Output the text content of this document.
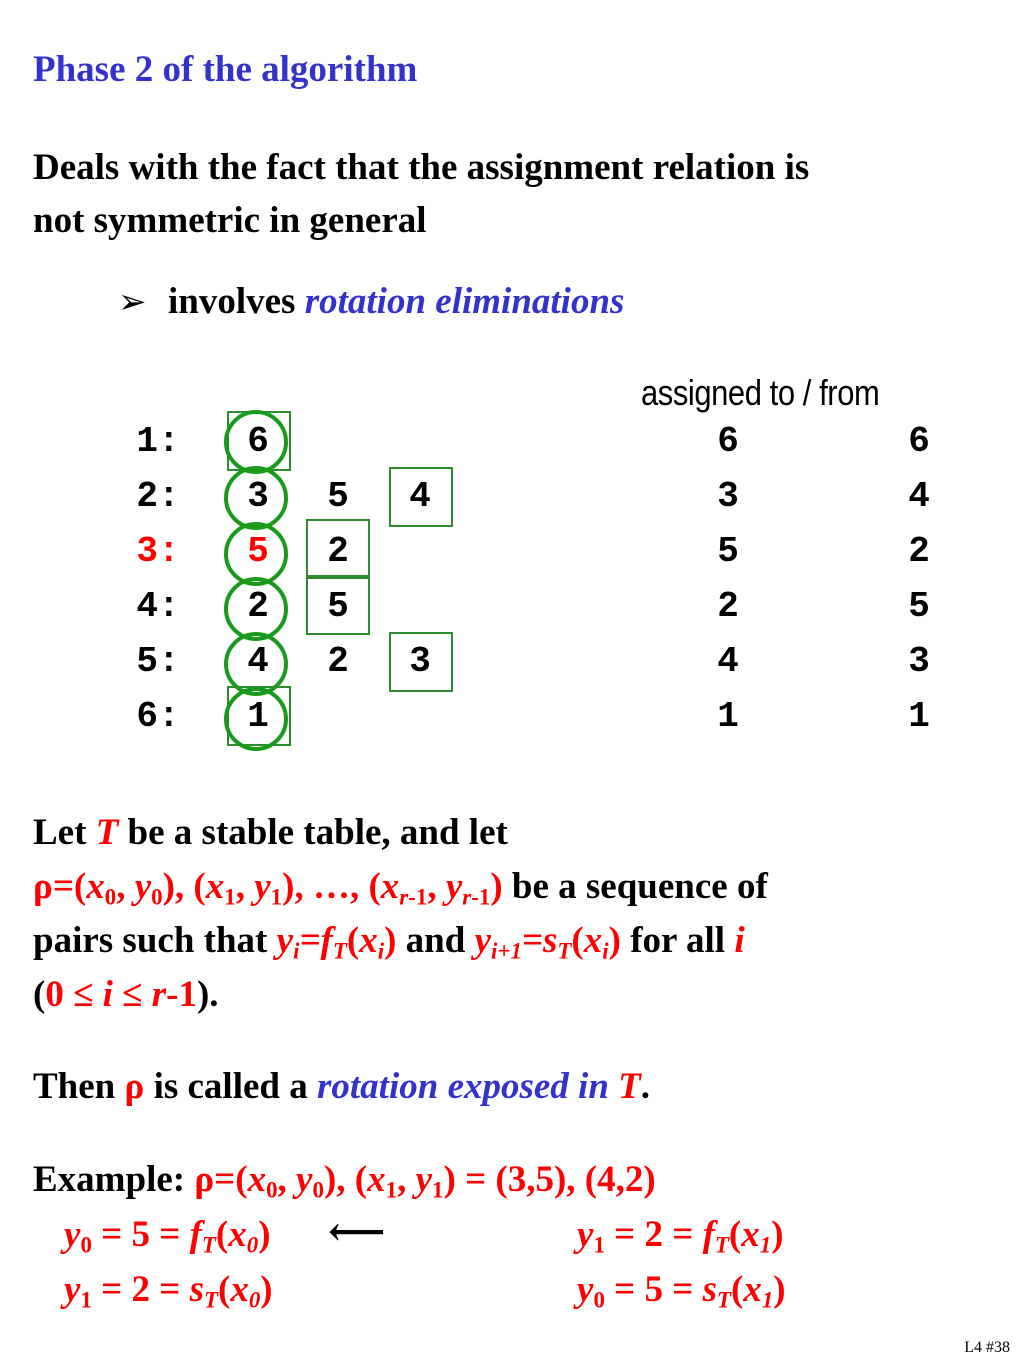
Phase 2 of the algorithm
Deals with the fact that the assignment relation is
not symmetric in general
➢ involves rotation eliminations
assigned to / from
1: 6	6	6
2: 3 5 4	3	4
3: 5 2	5	2
4: 2 5	2	5
5: 4 2 3	4	3
6: 1	1	1
Let T be a stable table, and let
$\rho=(x_0$, $y_0$), ($x_1$, $y_1$), …, ($x_{r-1}$, $y_{r-1}$) be a sequence of
pairs such that $y_i=f_T(x_i)$ and $y_{i+1}=s_T(x_i)$ for all i
(0 ≤ i ≤ r-1).
Then ρ is called a rotation exposed in T.
Example: $\rho=(x_0$, $y_0$), ($x_1$, $y_1) = (3,5)$, (4,2)
$y_0 = 5 = f_T(x_0)$ ⟵	$y_1 = 2 = f_T(x_1)$
$y_1 = 2 = s_T(x_0)$	$y_0 = 5 = s_T(x_1)$
L4 #38
